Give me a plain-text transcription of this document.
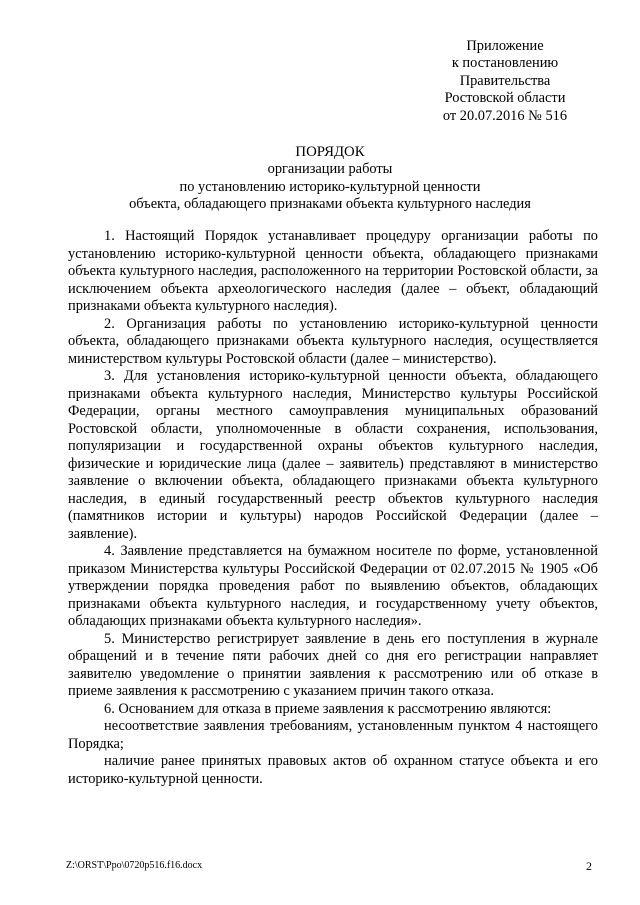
Приложение
к постановлению
Правительства
Ростовской области
от 20.07.2016 № 516
ПОРЯДОК
организации работы
по установлению историко-культурной ценности
объекта, обладающего признаками объекта культурного наследия

1. Настоящий Порядок устанавливает процедуру организации работы по установлению историко-культурной ценности объекта, обладающего признаками объекта культурного наследия, расположенного на территории Ростовской области, за исключением объекта археологического наследия (далее – объект, обладающий признаками объекта культурного наследия).

2. Организация работы по установлению историко-культурной ценности объекта, обладающего признаками объекта культурного наследия, осуществляется министерством культуры Ростовской области (далее – министерство).

3. Для установления историко-культурной ценности объекта, обладающего признаками объекта культурного наследия, Министерство культуры Российской Федерации, органы местного самоуправления муниципальных образований Ростовской области, уполномоченные в области сохранения, использования, популяризации и государственной охраны объектов культурного наследия, физические и юридические лица (далее – заявитель) представляют в министерство заявление о включении объекта, обладающего признаками объекта культурного наследия, в единый государственный реестр объектов культурного наследия (памятников истории и культуры) народов Российской Федерации (далее – заявление).

4. Заявление представляется на бумажном носителе по форме, установленной приказом Министерства культуры Российской Федерации от 02.07.2015 № 1905 «Об утверждении порядка проведения работ по выявлению объектов, обладающих признаками объекта культурного наследия, и государственному учету объектов, обладающих признаками объекта культурного наследия».

5. Министерство регистрирует заявление в день его поступления в журнале обращений и в течение пяти рабочих дней со дня его регистрации направляет заявителю уведомление о принятии заявления к рассмотрению или об отказе в приеме заявления к рассмотрению с указанием причин такого отказа.

6. Основанием для отказа в приеме заявления к рассмотрению являются:

несоответствие заявления требованиям, установленным пунктом 4 настоящего Порядка;

наличие ранее принятых правовых актов об охранном статусе объекта и его историко-культурной ценности.

Z:\ORST\Ppo\0720p516.f16.docx	2
